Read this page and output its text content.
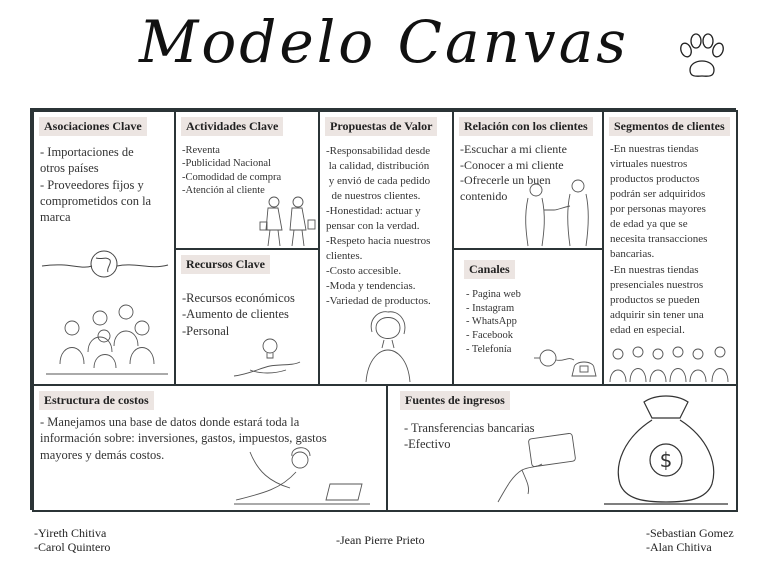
Modelo Canvas
Asociaciones Clave
- Importaciones de
otros países
- Proveedores fijos y
comprometidos con la
marca
Actividades Clave
-Reventa
-Publicidad Nacional
-Comodidad de compra
-Atención al cliente
Recursos Clave
-Recursos económicos
-Aumento de clientes
-Personal
Propuestas de Valor
-Responsabilidad desde
la calidad, distribución
y envió de cada pedido
de nuestros clientes.
-Honestidad: actuar y
pensar con la verdad.
-Respeto hacia nuestros
clientes.
-Costo accesible.
-Moda y tendencias.
-Variedad de productos.
Relación con los clientes
-Escuchar a mi cliente
-Conocer a mi cliente
-Ofrecerle un buen
contenido
Canales
- Pagina web
- Instagram
- WhatsApp
- Facebook
- Telefonía
Segmentos de clientes
-En nuestras tiendas
virtuales nuestros
productos productos
podrán ser adquiridos
por personas mayores
de edad ya que se
necesita transacciones
bancarias.
-En nuestras tiendas
presenciales nuestros
productos se pueden
adquirir sin tener una
edad en especial.
Estructura de costos
- Manejamos una base de datos donde estará toda la
información sobre: inversiones, gastos, impuestos, gastos
mayores y demás costos.
Fuentes de ingresos
- Transferencias bancarias
-Efectivo
$
-Yireth Chitiva
-Carol Quintero	-Jean Pierre Prieto	-Sebastian Gomez
-Alan Chitiva
